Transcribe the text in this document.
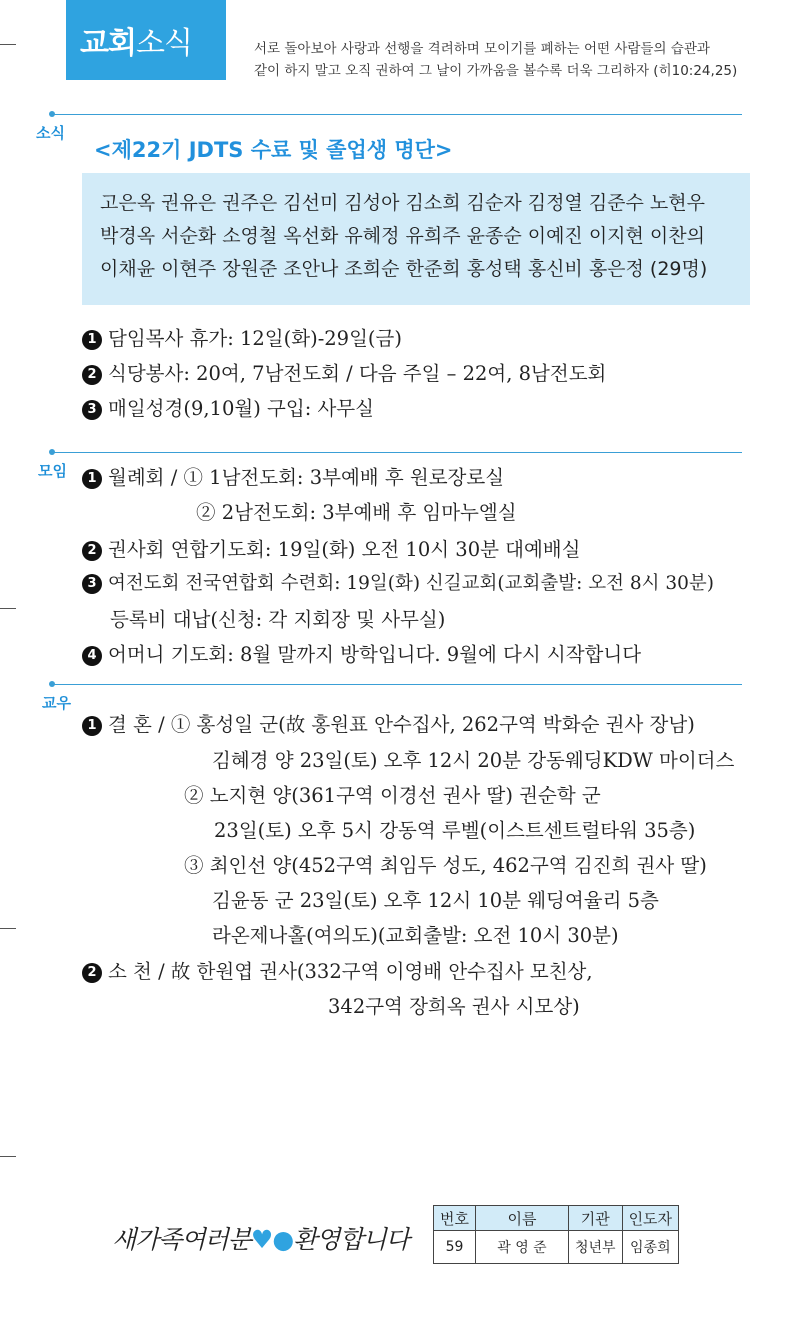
교회 소식	서로 돌아보아 사랑과 선행을 격려하며 모이기를 폐하는 어떤 사람들의 습관과
같이 하지 말고 오직 권하여 그 날이 가까움을 볼수록 더욱 그리하자 (히10:24,25)
소식
<제22기 JDTS 수료 및 졸업생 명단>
고은옥 권유은 권주은 김선미 김성아 김소희 김순자 김정열 김준수 노현우
박경옥 서순화 소영철 옥선화 유혜정 유희주 윤종순 이예진 이지현 이찬의
이채윤 이현주 장원준 조안나 조희순 한준희 홍성택 홍신비 홍은정 (29명)
1 담임목사 휴가: 12일(화)-29일(금)
2 식당봉사: 20여, 7남전도회 / 다음 주일 – 22여, 8남전도회
3 매일성경(9,10월) 구입: 사무실
모임	1 월례회 / ① 1남전도회: 3부예배 후 원로장로실
② 2남전도회: 3부예배 후 임마누엘실
2 권사회 연합기도회: 19일(화) 오전 10시 30분 대예배실
3 여전도회 전국연합회 수련회: 19일(화) 신길교회(교회출발: 오전 8시 30분)
등록비 대납(신청: 각 지회장 및 사무실)
4 어머니 기도회: 8월 말까지 방학입니다. 9월에 다시 시작합니다
교우
1 결 혼 / ① 홍성일 군(故 홍원표 안수집사, 262구역 박화순 권사 장남)
김혜경 양 23일(토) 오후 12시 20분 강동웨딩KDW 마이더스
② 노지현 양(361구역 이경선 권사 딸) 권순학 군
23일(토) 오후 5시 강동역 루벨(이스트센트럴타워 35층)
③ 최인선 양(452구역 최임두 성도, 462구역 김진희 권사 딸)
김윤동 군 23일(토) 오후 12시 10분 웨딩여율리 5층
라온제나홀(여의도)(교회출발: 오전 10시 30분)
2 소 천 / 故 한원엽 권사(332구역 이영배 안수집사 모친상,
342구역 장희옥 권사 시모상)
새가족여러분♥●환영합니다
번호	이름	기관	인도자
59	곽 영 준	청년부	임종희
